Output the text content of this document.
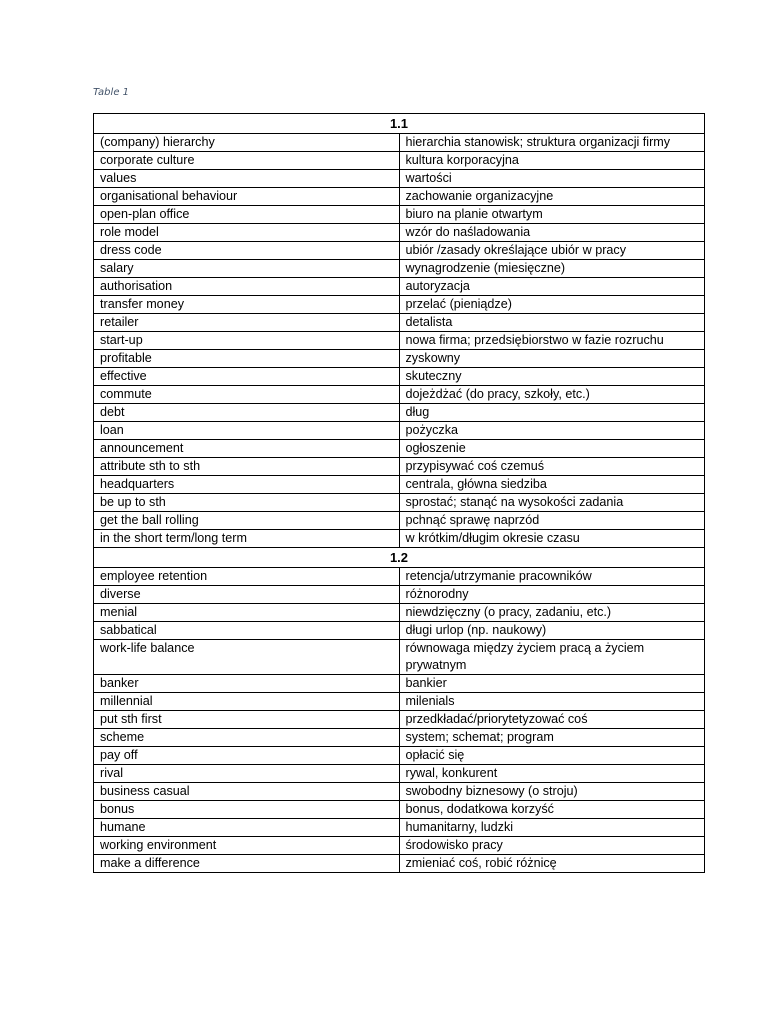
Table 1
1.1	
(company) hierarchy	hierarchia stanowisk; struktura organizacji firmy
corporate culture	kultura korporacyjna
values	wartości
organisational behaviour	zachowanie organizacyjne
open-plan office	biuro na planie otwartym
role model	wzór do naśladowania
dress code	ubiór /zasady określające ubiór w pracy
salary	wynagrodzenie (miesięczne)
authorisation	autoryzacja
transfer money	przelać (pieniądze)
retailer	detalista
start-up	nowa firma; przedsiębiorstwo w fazie rozruchu
profitable	zyskowny
effective	skuteczny
commute	dojeżdżać (do pracy, szkoły, etc.)
debt	dług
loan	pożyczka
announcement	ogłoszenie
attribute sth to sth	przypisywać coś czemuś
headquarters	centrala, główna siedziba
be up to sth	sprostać; stanąć na wysokości zadania
get the ball rolling	pchnąć sprawę naprzód
in the short term/long term	w krótkim/długim okresie czasu
1.2	
employee retention	retencja/utrzymanie pracowników
diverse	różnorodny
menial	niewdzięczny (o pracy, zadaniu, etc.)
sabbatical	długi urlop (np. naukowy)
work-life balance	równowaga między życiem pracą a życiem prywatnym
banker	bankier
millennial	milenials
put sth first	przedkładać/priorytetyzować coś
scheme	system; schemat; program
pay off	opłacić się
rival	rywal, konkurent
business casual	swobodny biznesowy (o stroju)
bonus	bonus, dodatkowa korzyść
humane	humanitarny, ludzki
working environment	środowisko pracy
make a difference	zmieniać coś, robić różnicę
